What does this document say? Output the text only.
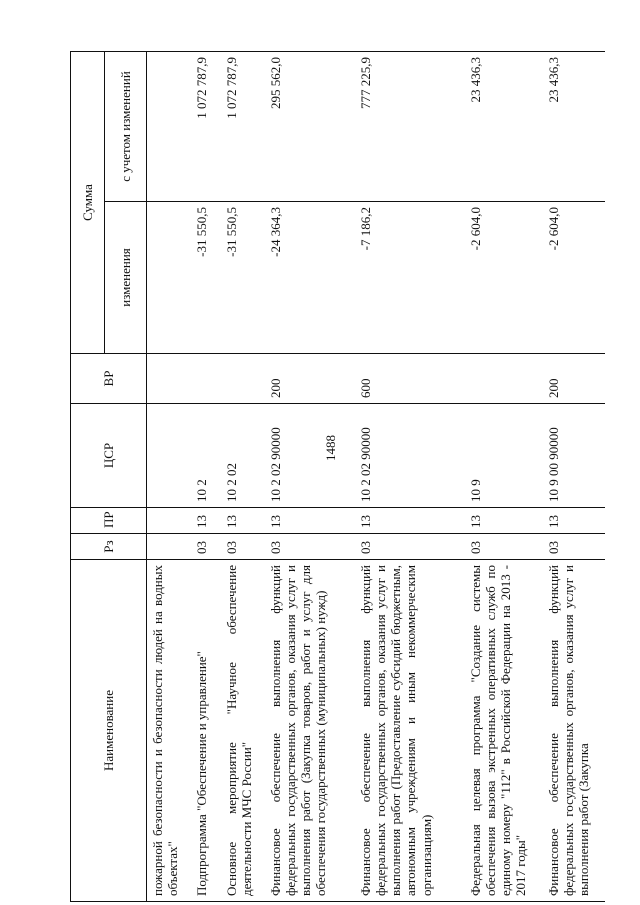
1488
Наименование	Рз	ПР	ЦСР	ВР	Сумма	
					изменения	с учетом изменений
пожарной безопасности и безопасности людей на водных объектах"						
Подпрограмма "Обеспечение и управление"	03	13	10 2		-31 550,5	1 072 787,9
Основное мероприятие "Научное обеспечение деятельности МЧС России"	03	13	10 2 02		-31 550,5	1 072 787,9
Финансовое обеспечение выполнения функций федеральных государственных органов, оказания услуг и выполнения работ (Закупка товаров, работ и услуг для обеспечения государственных (муниципальных) нужд)	03	13	10 2 02 90000	200	-24 364,3	295 562,0
Финансовое обеспечение выполнения функций федеральных государственных органов, оказания услуг и выполнения работ (Предоставление субсидий бюджетным, автономным учреждениям и иным некоммерческим организациям)	03	13	10 2 02 90000	600	-7 186,2	777 225,9
Федеральная целевая программа "Создание системы обеспечения вызова экстренных оперативных служб по единому номеру "112" в Российской Федерации на 2013 - 2017 годы"	03	13	10 9		-2 604,0	23 436,3
Финансовое обеспечение выполнения функций федеральных государственных органов, оказания услуг и выполнения работ (Закупка	03	13	10 9 00 90000	200	-2 604,0	23 436,3
